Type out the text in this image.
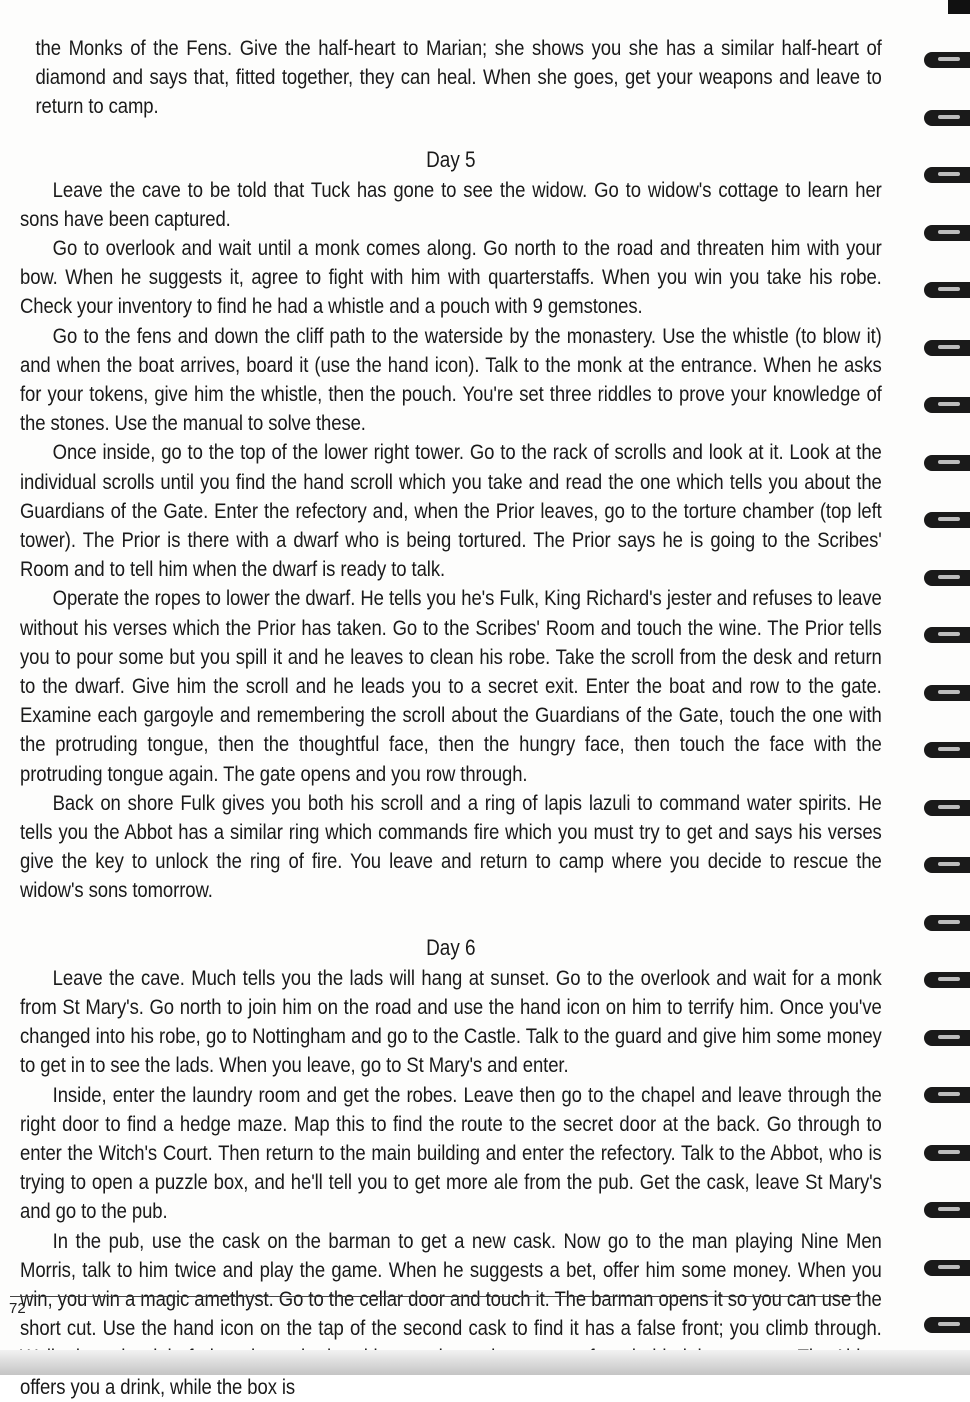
the Monks of the Fens. Give the half-heart to Marian; she shows you she has a similar half-heart of diamond and says that, fitted together, they can heal. When she goes, get your weapons and leave to return to camp.

Day 5

Leave the cave to be told that Tuck has gone to see the widow. Go to widow's cottage to learn her sons have been captured.

Go to overlook and wait until a monk comes along. Go north to the road and threaten him with your bow. When he suggests it, agree to fight with him with quarterstaffs. When you win you take his robe. Check your inventory to find he had a whistle and a pouch with 9 gemstones.

Go to the fens and down the cliff path to the waterside by the monastery. Use the whistle (to blow it) and when the boat arrives, board it (use the hand icon). Talk to the monk at the entrance. When he asks for your tokens, give him the whistle, then the pouch. You're set three riddles to prove your knowledge of the stones. Use the manual to solve these.

Once inside, go to the top of the lower right tower. Go to the rack of scrolls and look at it. Look at the individual scrolls until you find the hand scroll which you take and read the one which tells you about the Guardians of the Gate. Enter the refectory and, when the Prior leaves, go to the torture chamber (top left tower). The Prior is there with a dwarf who is being tortured. The Prior says he is going to the Scribes' Room and to tell him when the dwarf is ready to talk.

Operate the ropes to lower the dwarf. He tells you he's Fulk, King Richard's jester and refuses to leave without his verses which the Prior has taken. Go to the Scribes' Room and touch the wine. The Prior tells you to pour some but you spill it and he leaves to clean his robe. Take the scroll from the desk and return to the dwarf. Give him the scroll and he leads you to a secret exit. Enter the boat and row to the gate. Examine each gargoyle and remembering the scroll about the Guardians of the Gate, touch the one with the protruding tongue, then the thoughtful face, then the hungry face, then touch the face with the protruding tongue again. The gate opens and you row through.

Back on shore Fulk gives you both his scroll and a ring of lapis lazuli to command water spirits. He tells you the Abbot has a similar ring which commands fire which you must try to get and says his verses give the key to unlock the ring of fire. You leave and return to camp where you decide to rescue the widow's sons tomorrow.

Day 6

Leave the cave. Much tells you the lads will hang at sunset. Go to the overlook and wait for a monk from St Mary's. Go north to join him on the road and use the hand icon on him to terrify him. Once you've changed into his robe, go to Nottingham and go to the Castle. Talk to the guard and give him some money to get in to see the lads. When you leave, go to St Mary's and enter.

Inside, enter the laundry room and get the robes. Leave then go to the chapel and leave through the right door to find a hedge maze. Map this to find the route to the secret door at the back. Go through to enter the Witch's Court. Then return to the main building and enter the refectory. Talk to the Abbot, who is trying to open a puzzle box, and he'll tell you to get more ale from the pub. Get the cask, leave St Mary's and go to the pub.

In the pub, use the cask on the barman to get a new cask. Now go to the man playing Nine Men Morris, talk to him twice and play the game. When he suggests a bet, offer him some money. When you win, you win a magic amethyst. Go to the cellar door and touch it. The barman opens it so you can use the short cut. Use the hand icon on the tap of the second cask to find it has a false front; you climb through. offers you a drink, while the box is

72
